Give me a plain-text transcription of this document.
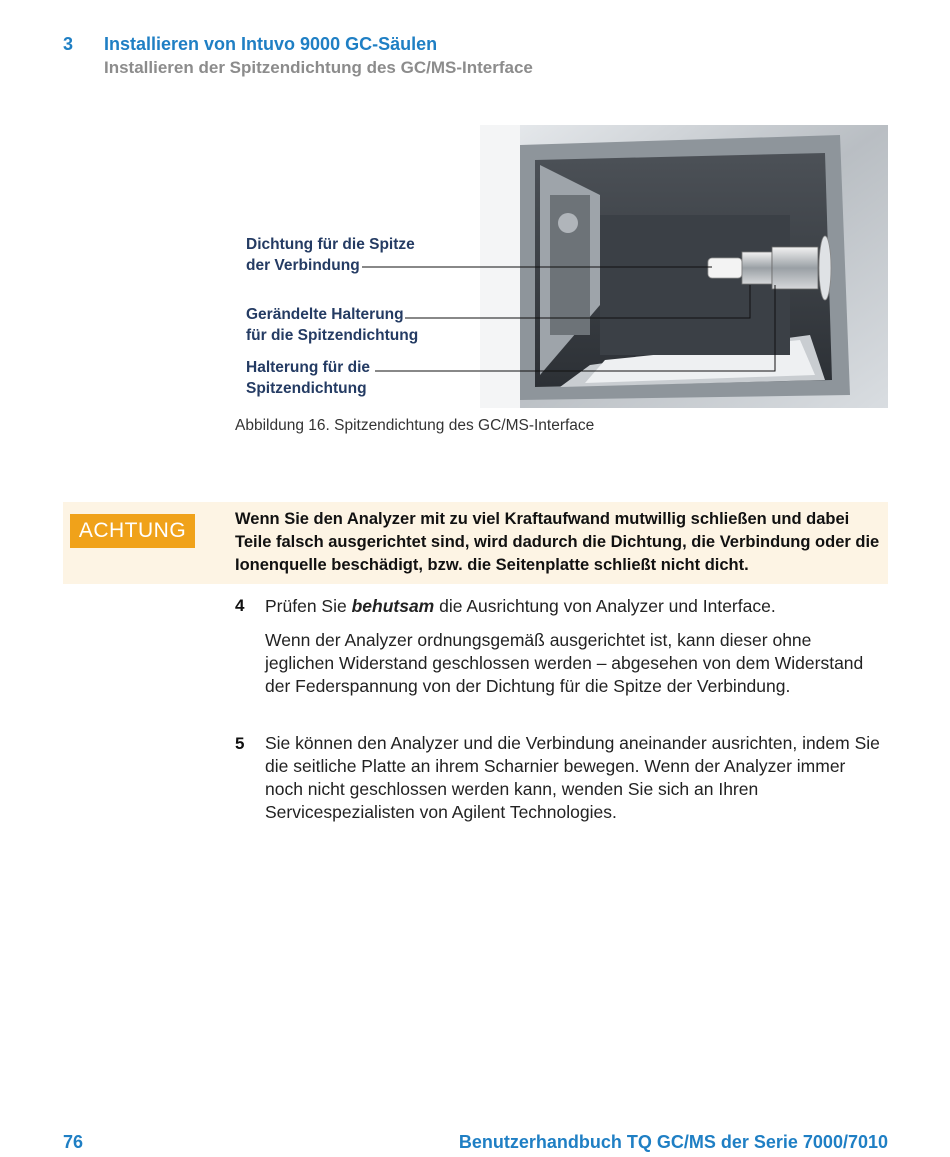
3 Installieren von Intuvo 9000 GC-Säulen
Installieren der Spitzendichtung des GC/MS-Interface
Dichtung für die Spitze
der Verbindung
Gerändelte Halterung
für die Spitzendichtung
Halterung für die
Spitzendichtung
Abbildung 16. Spitzendichtung des GC/MS-Interface
ACHTUNG	Wenn Sie den Analyzer mit zu viel Kraftaufwand mutwillig schließen und dabei Teile falsch ausgerichtet sind, wird dadurch die Dichtung, die Verbindung oder die Ionenquelle beschädigt, bzw. die Seitenplatte schließt nicht dicht.
4 Prüfen Sie behutsam die Ausrichtung von Analyzer und Interface.
Wenn der Analyzer ordnungsgemäß ausgerichtet ist, kann dieser ohne jeglichen Widerstand geschlossen werden – abgesehen von dem Widerstand der Federspannung von der Dichtung für die Spitze der Verbindung.
5 Sie können den Analyzer und die Verbindung aneinander ausrichten, indem Sie die seitliche Platte an ihrem Scharnier bewegen. Wenn der Analyzer immer noch nicht geschlossen werden kann, wenden Sie sich an Ihren Servicespezialisten von Agilent Technologies.
76	Benutzerhandbuch TQ GC/MS der Serie 7000/7010
